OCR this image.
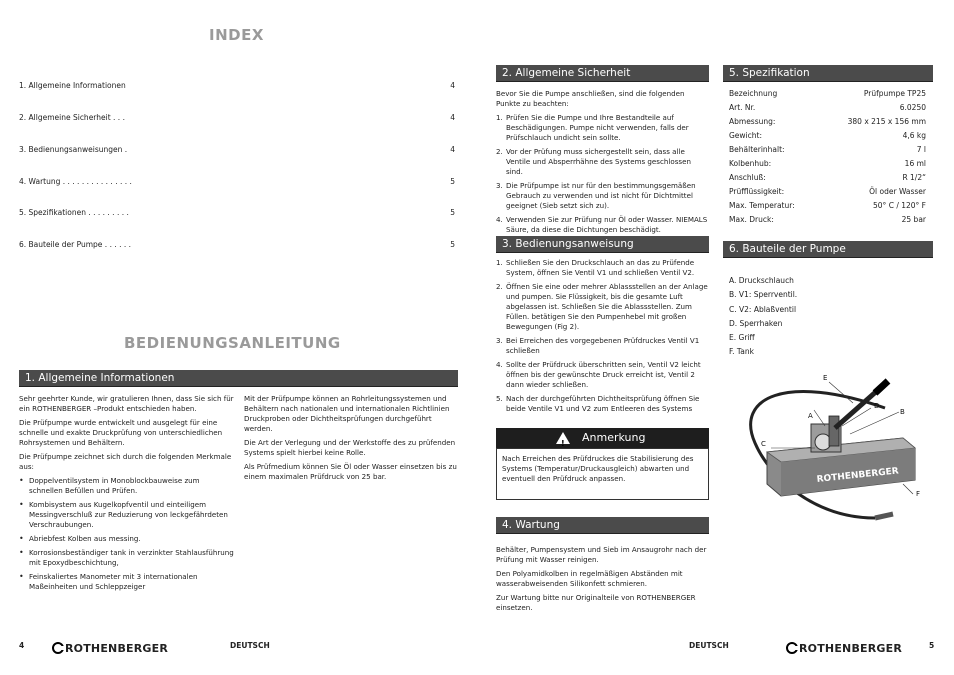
INDEX
1. Allgemeine Informationen	4
2. Allgemeine Sicherheit . . .	4
3. Bedienungsanweisungen .	4
4. Wartung . . . . . . . . . . . . . . .	5
5. Spezifikationen . . . . . . . . .	5
6. Bauteile der Pumpe . . . . . .	5
BEDIENUNGSANLEITUNG
1. Allgemeine Informationen

Sehr geehrter Kunde, wir gratulieren Ihnen, dass Sie sich für ein ROTHENBERGER –Produkt entschieden haben.

Die Prüfpumpe wurde entwickelt und ausgelegt für eine schnelle und exakte Druckprüfung von unterschiedlichen Rohrsystemen und Behältern.

Die Prüfpumpe zeichnet sich durch die folgenden Merkmale aus:

• Doppelventilsystem in Monoblockbauweise zum schnellen Befüllen und Prüfen.
• Kombisystem aus Kugelkopfventil und einteiligem Messingverschluß zur Reduzierung von leckgefährdeten Verschraubungen.
• Abriebfest Kolben aus messing.
• Korrosionsbeständiger tank in verzinkter Stahlausführung mit Epoxydbeschichtung,
• Feinskaliertes Manometer mit 3 internationalen Maßeinheiten und Schleppzeiger

Mit der Prüfpumpe können an Rohrleitungssystemen und Behältern nach nationalen und internationalen Richtlinien Druckproben oder Dichtheitsprüfungen durchgeführt werden.

Die Art der Verlegung und der Werkstoffe des zu prüfenden Systems spielt hierbei keine Rolle.

Als Prüfmedium können Sie Öl oder Wasser einsetzen bis zu einem maximalen Prüfdruck von 25 bar.

4	ROTHENBERGER	DEUTSCH
2. Allgemeine Sicherheit

Bevor Sie die Pumpe anschließen, sind die folgenden Punkte zu beachten:

1. Prüfen Sie die Pumpe und Ihre Bestandteile auf Beschädigungen. Pumpe nicht verwenden, falls der Prüfschlauch undicht sein sollte.
2. Vor der Prüfung muss sichergestellt sein, dass alle Ventile und Absperrhähne des Systems geschlossen sind.
3. Die Prüfpumpe ist nur für den bestimmungsgemäßen Gebrauch zu verwenden und ist nicht für Dichtmittel geeignet (Sieb setzt sich zu).
4. Verwenden Sie zur Prüfung nur Öl oder Wasser. NIEMALS Säure, da diese die Dichtungen beschädigt.
3. Bedienungsanweisung
1. Schließen Sie den Druckschlauch an das zu Prüfende System, öffnen Sie Ventil V1 und schließen Ventil V2.
2. Öffnen Sie eine oder mehrer Ablassstellen an der Anlage und pumpen. Sie Flüssigkeit, bis die gesamte Luft abgelassen ist. Schließen Sie die Ablassstellen. Zum Füllen. betätigen Sie den Pumpenhebel mit großen Bewegungen (Fig 2).
3. Bei Erreichen des vorgegebenen Prüfdruckes Ventil V1 schließen
4. Sollte der Prüfdruck überschritten sein, Ventil V2 leicht öffnen bis der gewünschte Druck erreicht ist, Ventil 2 dann wieder schließen.
5. Nach der durchgeführten Dichtheitsprüfung öffnen Sie beide Ventile V1 und V2 zum Entleeren des Systems
! Anmerkung
Nach Erreichen des Prüfdruckes die Stabilisierung des Systems (Temperatur/Druckausgleich) abwarten und eventuell den Prüfdruck anpassen.
4. Wartung

Behälter, Pumpensystem und Sieb im Ansaugrohr nach der Prüfung mit Wasser reinigen.

Den Polyamidkolben in regelmäßigen Abständen mit wasserabweisenden Silikonfett schmieren.

Zur Wartung bitte nur Originalteile von ROTHENBERGER einsetzen.

DEUTSCH
5. Spezifikation
Bezeichnung	Prüfpumpe TP25
Art. Nr.	6.0250
Abmessung:	380 x 215 x 156 mm
Gewicht:	4,6 kg
Behälterinhalt:	7 l
Kolbenhub:	16 ml
Anschluß:	R 1/2“
Prüfflüssigkeit:	Öl oder Wasser
Max. Temperatur:	50° C / 120° F
Max. Druck:	25 bar
6. Bauteile der Pumpe
A. Druckschlauch
B. V1: Sperrventil.
C. V2: Ablaßventil
D. Sperrhaken
E. Griff
F. Tank
ROTHENBERGER
E
A
D
B
C
F
ROTHENBERGER	5
